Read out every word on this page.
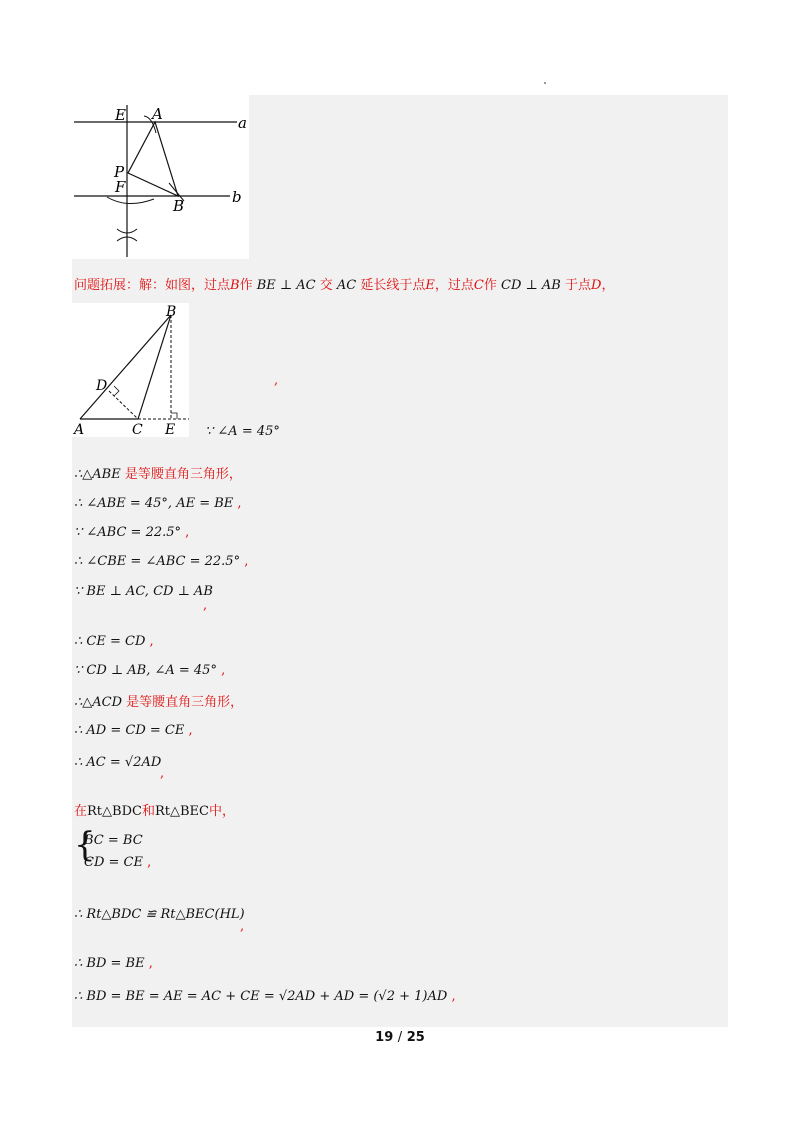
E A	a
P
F
B	b
问题拓展：解：如图，过点B作 BE ⊥ AC 交 AC 延长线于点E，过点C作 CD ⊥ AB 于点D，
B
D
A	C E
,
∵ ∠A = 45°
∴△ABE 是等腰直角三角形，
∴ ∠ABE = 45°, AE = BE ,
∵ ∠ABC = 22.5° ,
∴ ∠CBE = ∠ABC = 22.5° ,
∵ BE ⊥ AC, CD ⊥ AB
,
∴ CE = CD ,
∵ CD ⊥ AB, ∠A = 45° ,
∴△ACD 是等腰直角三角形，
∴ AD = CD = CE ,
∴ AC = √2AD
,
在Rt△BDC和Rt△BEC中，
{
BC = BC
CD = CE ,
∴ Rt△BDC ≌ Rt△BEC(HL)
,
∴ BD = BE ,
∴ BD = BE = AE = AC + CE = √2AD + AD = (√2 + 1)AD ,
19 / 25
